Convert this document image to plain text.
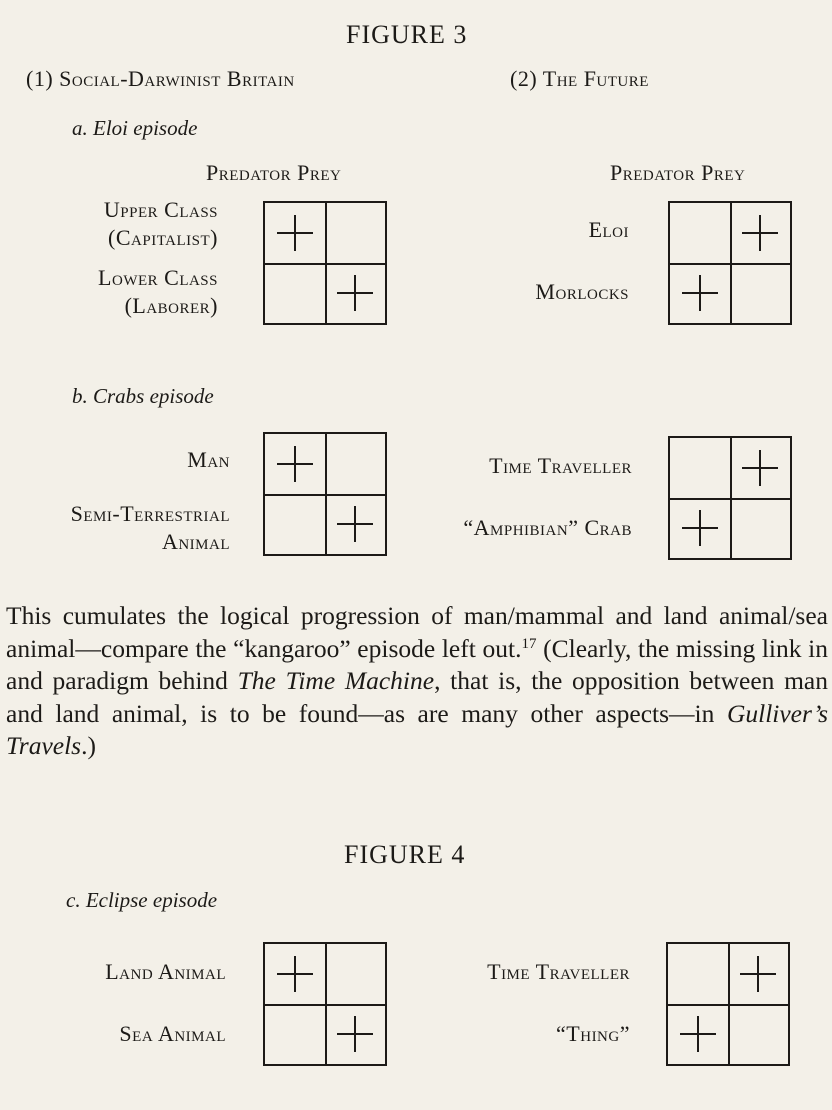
FIGURE 3
(1) Social-Darwinist Britain	(2) The Future
a. Eloi episode
Predator Prey	Predator Prey
Upper Class
(Capitalist)
Lower Class
(Laborer)
Eloi
Morlocks
b. Crabs episode
Man
Semi-Terrestrial
Animal
Time Traveller
“Amphibian” Crab
This cumulates the logical progression of man/mammal and land animal/sea animal—compare the “kangaroo” episode left out.$^{17}$ (Clearly, the missing link in and paradigm behind The Time Machine, that is, the opposition between man and land animal, is to be found—as are many other aspects—in Gulliver’s Travels.)
FIGURE 4
c. Eclipse episode
Land Animal
Sea Animal
Time Traveller
“Thing”
